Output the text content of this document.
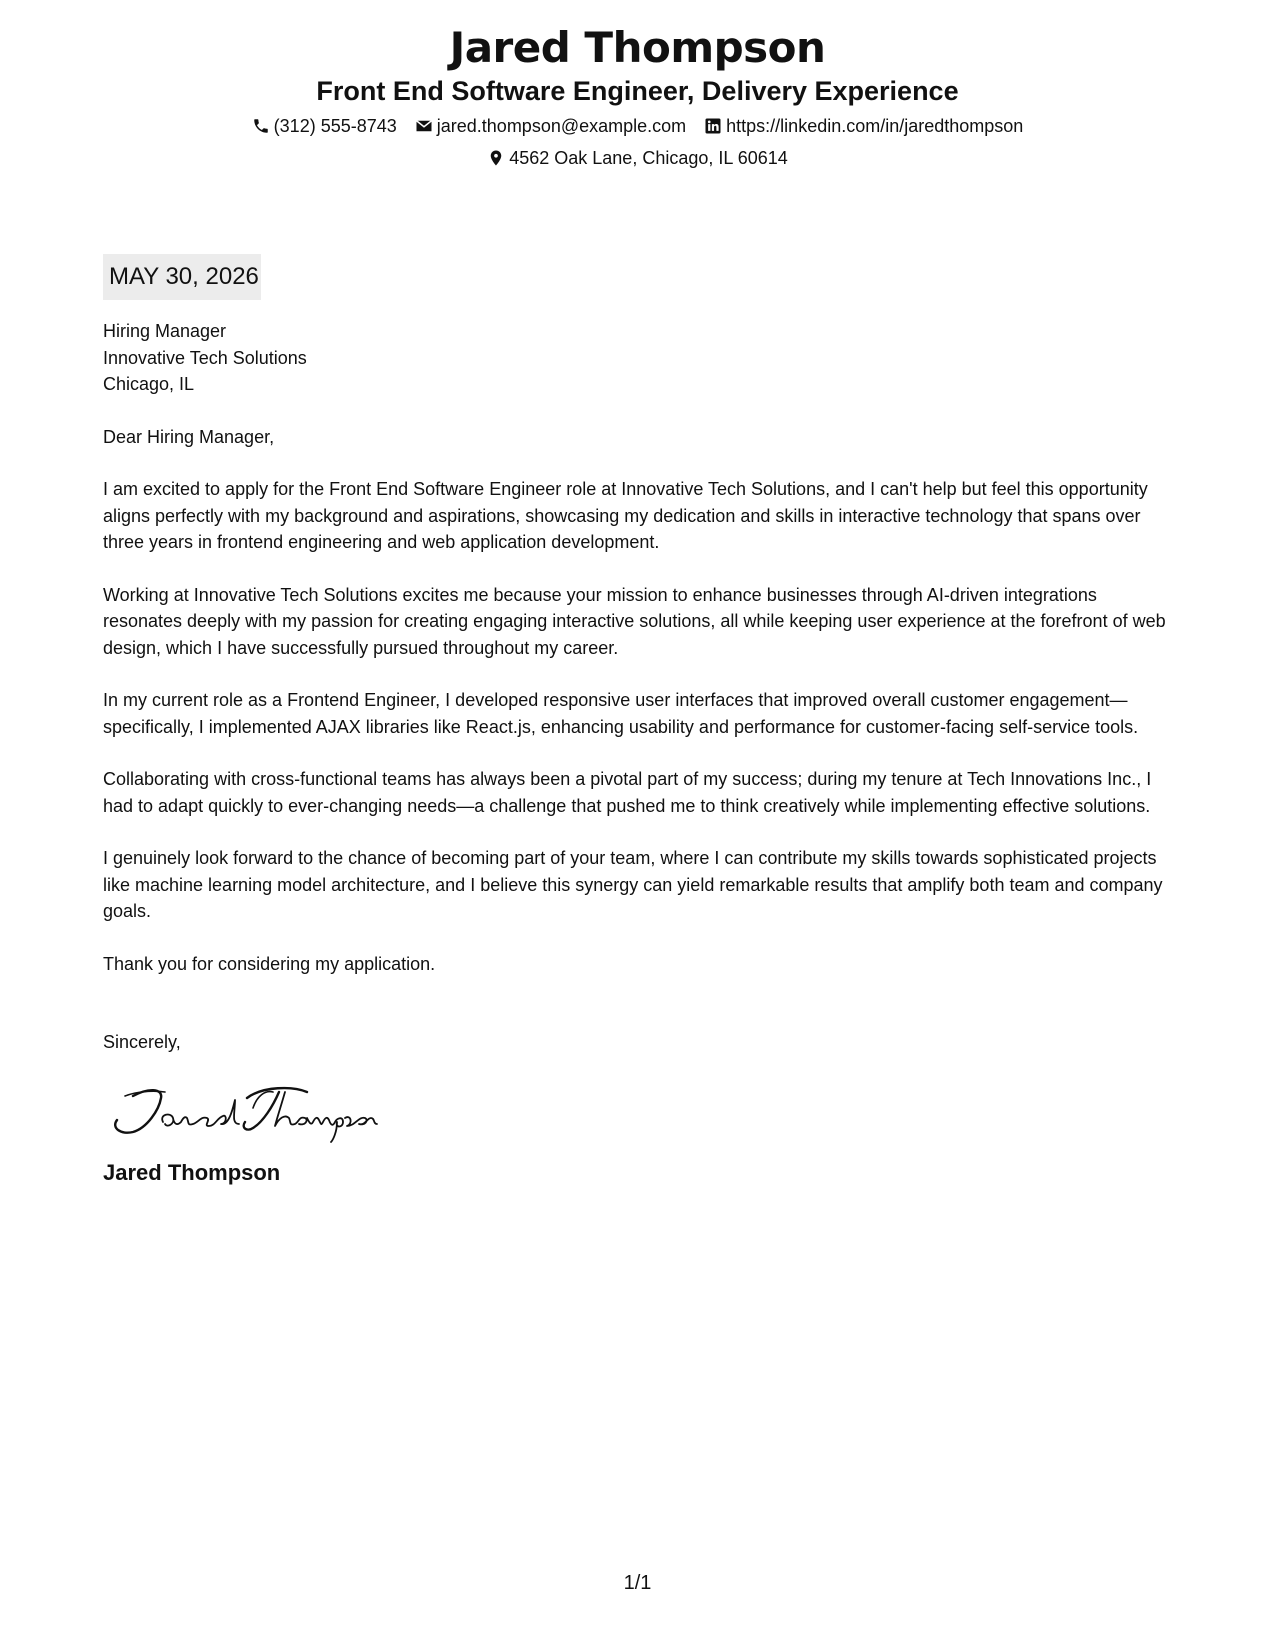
Jared Thompson
Front End Software Engineer, Delivery Experience
(312) 555-8743 jared.thompson@example.com https://linkedin.com/in/jaredthompson
4562 Oak Lane, Chicago, IL 60614
MAY 30, 2026

Hiring Manager

Innovative Tech Solutions

Chicago, IL

Dear Hiring Manager,

I am excited to apply for the Front End Software Engineer role at Innovative Tech Solutions, and I can't help but feel this opportunity aligns perfectly with my background and aspirations, showcasing my dedication and skills in interactive technology that spans over three years in frontend engineering and web application development.

Working at Innovative Tech Solutions excites me because your mission to enhance businesses through AI-driven integrations resonates deeply with my passion for creating engaging interactive solutions, all while keeping user experience at the forefront of web design, which I have successfully pursued throughout my career.

In my current role as a Frontend Engineer, I developed responsive user interfaces that improved overall customer engagement—specifically, I implemented AJAX libraries like React.js, enhancing usability and performance for customer-facing self-service tools.

Collaborating with cross-functional teams has always been a pivotal part of my success; during my tenure at Tech Innovations Inc., I had to adapt quickly to ever-changing needs—a challenge that pushed me to think creatively while implementing effective solutions.

I genuinely look forward to the chance of becoming part of your team, where I can contribute my skills towards sophisticated projects like machine learning model architecture, and I believe this synergy can yield remarkable results that amplify both team and company goals.

Thank you for considering my application.

Sincerely,

Jared Thompson

1/1
